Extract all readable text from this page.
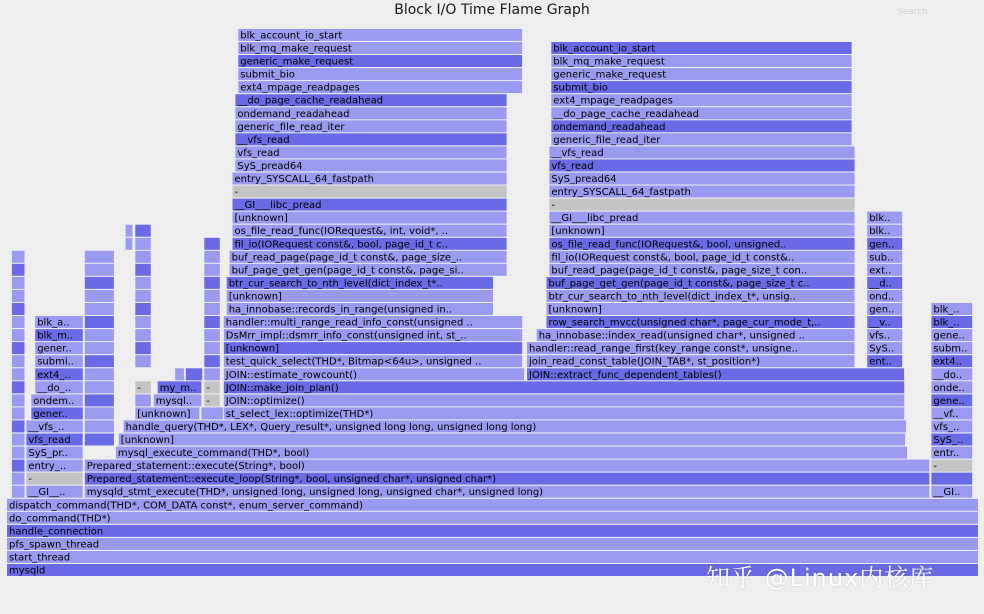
mysqld
start_thread
pfs_spawn_thread
handle_connection
do_command(THD*)
dispatch_command(THD*, COM_DATA const*, enum_server_command)
__GI__.. mysqld_stmt_execute(THD*, unsigned long, unsigned long, unsigned char*, unsigned long)	__GI..
-	Prepared_statement::execute_loop(String*, bool, unsigned char*, unsigned char*)
entry_.. Prepared_statement::execute(String*, bool)	-
SyS_pr..	mysql_execute_command(THD*, bool)	entr..
vfs_read	[unknown]	SyS_..
__vfs_..	handle_query(THD*, LEX*, Query_result*, unsigned long long, unsigned long long)	vfs_..
gener..	[unknown]	st_select_lex::optimize(THD*)	__vf..
ondem..	mysql.. - JOIN::optimize()	gene..
__do_..	- my_m.. - JOIN::make_join_plan()	onde..
ext4_..	JOIN::estimate_rowcount()	JOIN::extract_func_dependent_tables()	__do..
submi..	test_quick_select(THD*, Bitmap<64u>, unsigned ..	join_read_const_table(JOIN_TAB*, st_position*)	ent..	ext4..
gener..	[unknown]	handler::read_range_first(key_range const*, unsigne..	SyS..	subm..
blk_m..	DsMrr_impl::dsmrr_info_const(unsigned int, st_..	ha_innobase::index_read(unsigned char*, unsigned ..	vfs..	gene..
blk_a..	handler::multi_range_read_info_const(unsigned ..	row_search_mvcc(unsigned char*, page_cur_mode_t,..	__v..	blk_..
ha_innobase::records_in_range(unsigned in..	[unknown]	gen..	blk_..
[unknown]	btr_cur_search_to_nth_level(dict_index_t*, unsig..	ond..
btr_cur_search_to_nth_level(dict_index_t*..	buf_page_get_gen(page_id_t const&, page_size_t c..	__d..
buf_page_get_gen(page_id_t const&, page_si..	buf_read_page(page_id_t const&, page_size_t con..	ext..
buf_read_page(page_id_t const&, page_size_..	fil_io(IORequest const&, bool, page_id_t const&..	sub..
fil_io(IORequest const&, bool, page_id_t c..	os_file_read_func(IORequest&, bool, unsigned..	gen..
os_file_read_func(IORequest&, int, void*, ..	[unknown]	blk..
[unknown]	__GI___libc_pread	blk..
__GI___libc_pread	-
-	entry_SYSCALL_64_fastpath
entry_SYSCALL_64_fastpath	SyS_pread64
SyS_pread64	vfs_read
vfs_read	__vfs_read
__vfs_read	generic_file_read_iter
generic_file_read_iter	ondemand_readahead
ondemand_readahead	__do_page_cache_readahead
__do_page_cache_readahead	ext4_mpage_readpages
ext4_mpage_readpages	submit_bio
submit_bio	generic_make_request
generic_make_request	blk_mq_make_request
blk_mq_make_request	blk_account_io_start
blk_account_io_start
Block I/O Time Flame Graph	Search
知乎 @Linux内核库
